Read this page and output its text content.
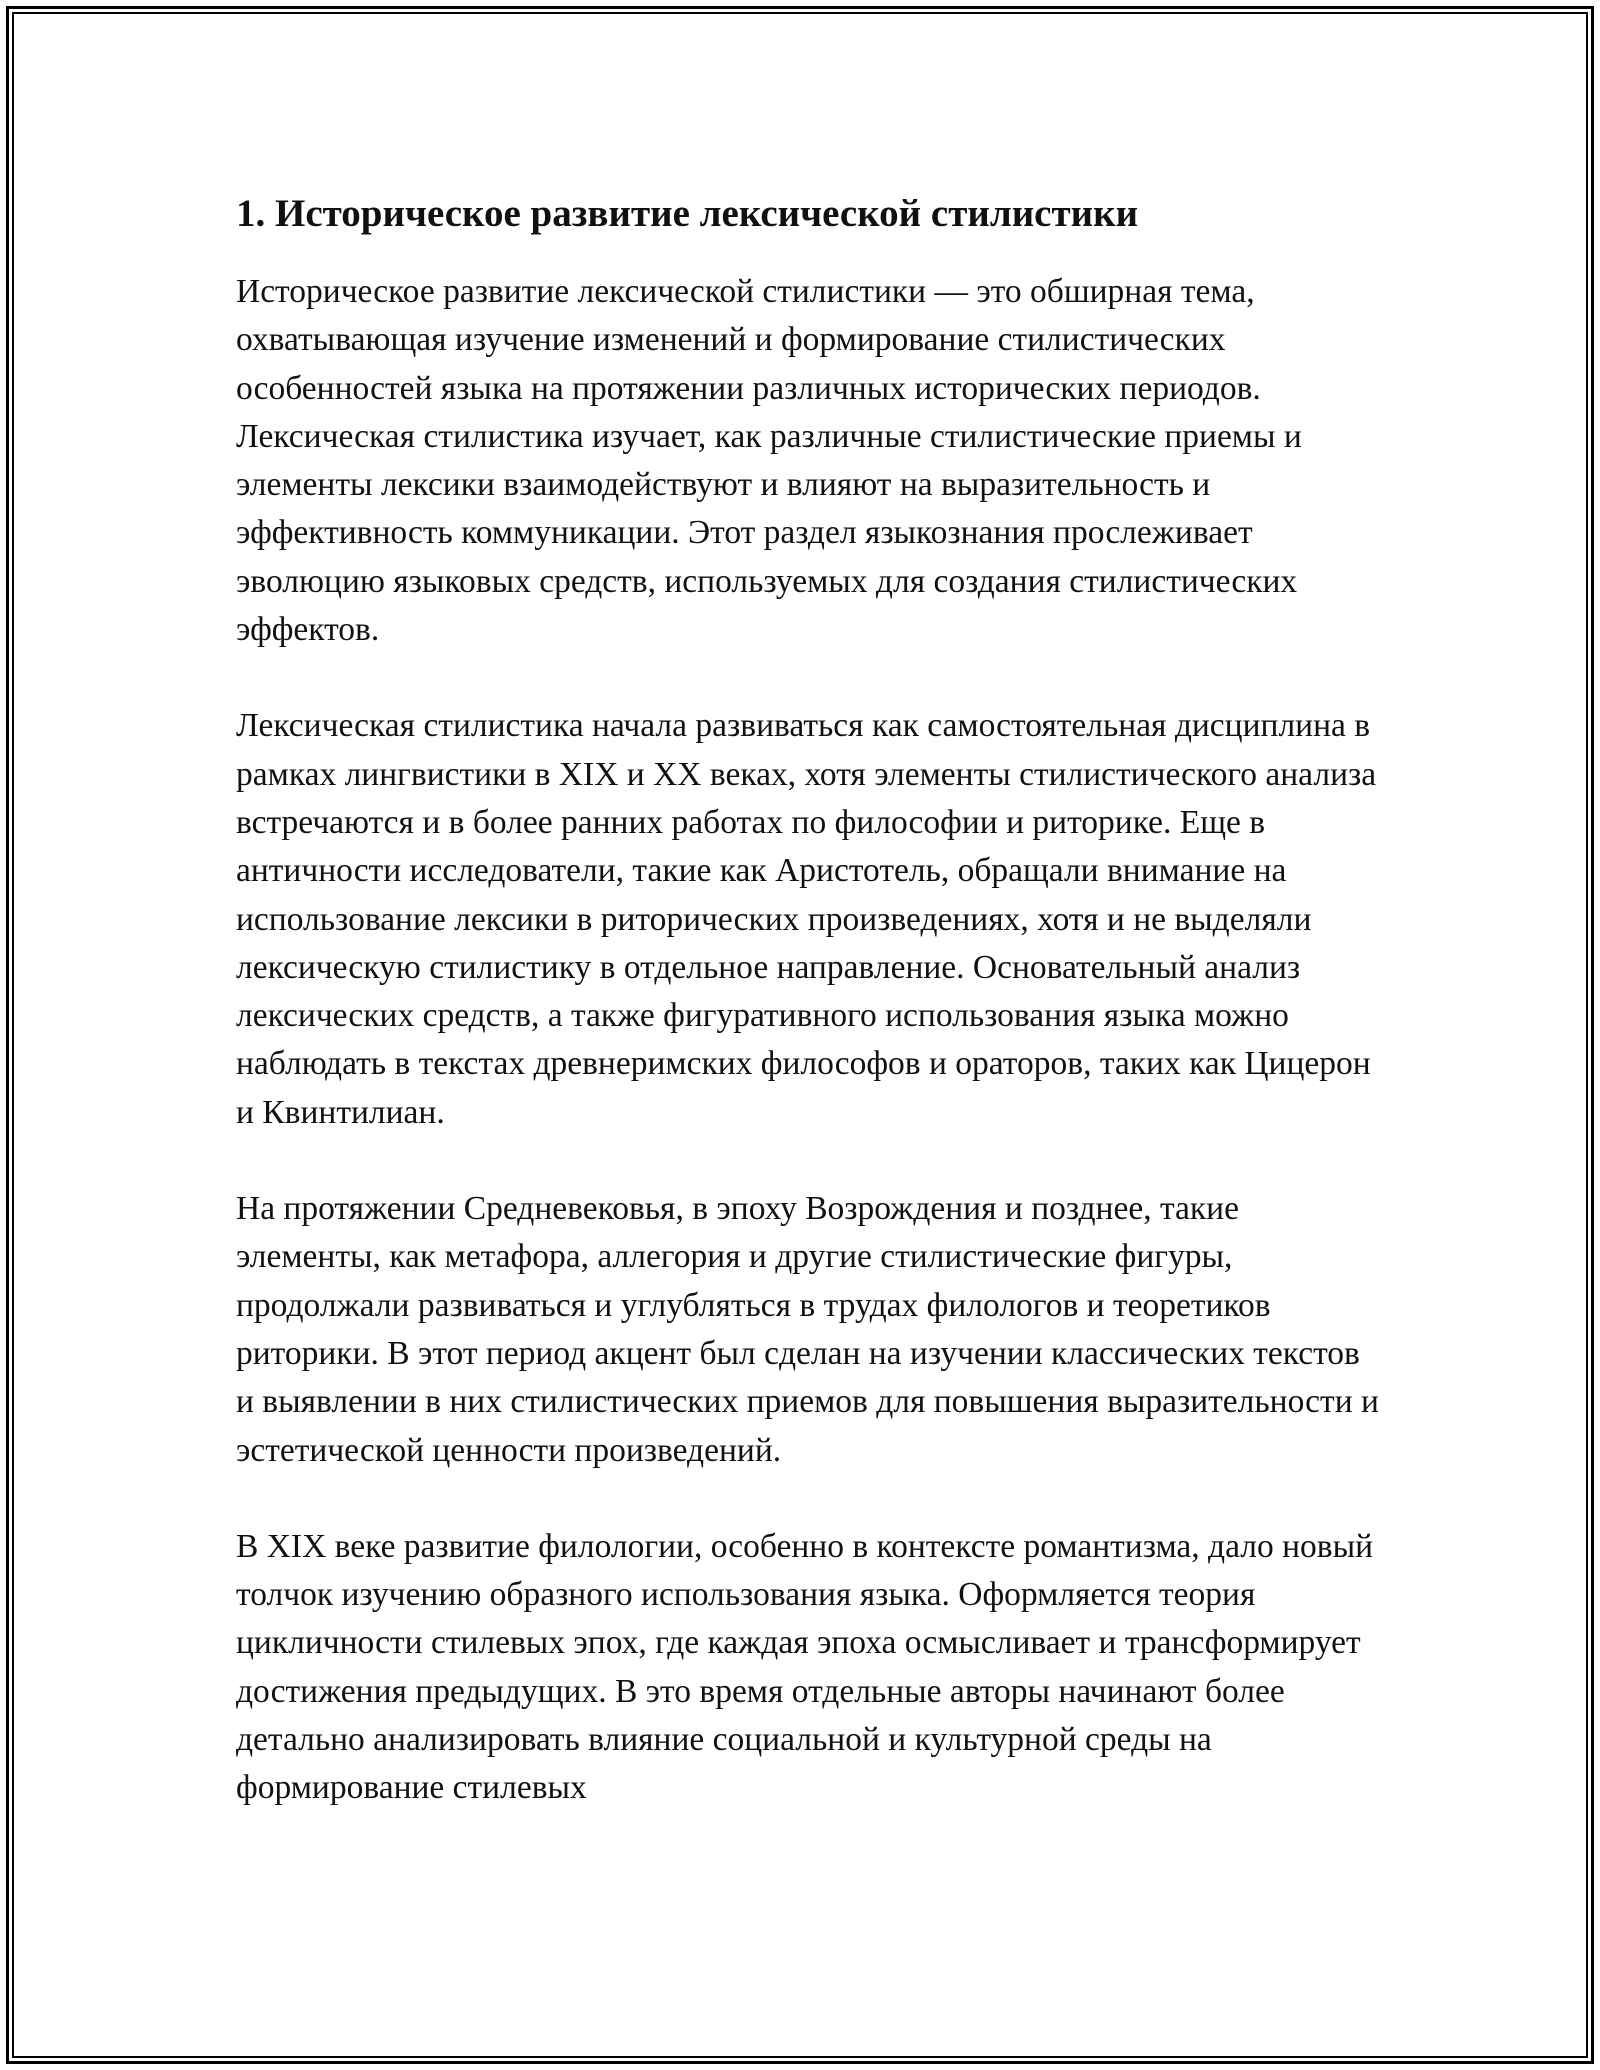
1. Историческое развитие лексической стилистики

Историческое развитие лексической стилистики — это обширная тема, охватывающая изучение изменений и формирование стилистических особенностей языка на протяжении различных исторических периодов. Лексическая стилистика изучает, как различные стилистические приемы и элементы лексики взаимодействуют и влияют на выразительность и эффективность коммуникации. Этот раздел языкознания прослеживает эволюцию языковых средств, используемых для создания стилистических эффектов.

Лексическая стилистика начала развиваться как самостоятельная дисциплина в рамках лингвистики в XIX и XX веках, хотя элементы стилистического анализа встречаются и в более ранних работах по философии и риторике. Еще в античности исследователи, такие как Аристотель, обращали внимание на использование лексики в риторических произведениях, хотя и не выделяли лексическую стилистику в отдельное направление. Основательный анализ лексических средств, а также фигуративного использования языка можно наблюдать в текстах древнеримских философов и ораторов, таких как Цицерон и Квинтилиан.

На протяжении Средневековья, в эпоху Возрождения и позднее, такие элементы, как метафора, аллегория и другие стилистические фигуры, продолжали развиваться и углубляться в трудах филологов и теоретиков риторики. В этот период акцент был сделан на изучении классических текстов и выявлении в них стилистических приемов для повышения выразительности и эстетической ценности произведений.

В XIX веке развитие филологии, особенно в контексте романтизма, дало новый толчок изучению образного использования языка. Оформляется теория цикличности стилевых эпох, где каждая эпоха осмысливает и трансформирует достижения предыдущих. В это время отдельные авторы начинают более детально анализировать влияние социальной и культурной среды на формирование стилевых
